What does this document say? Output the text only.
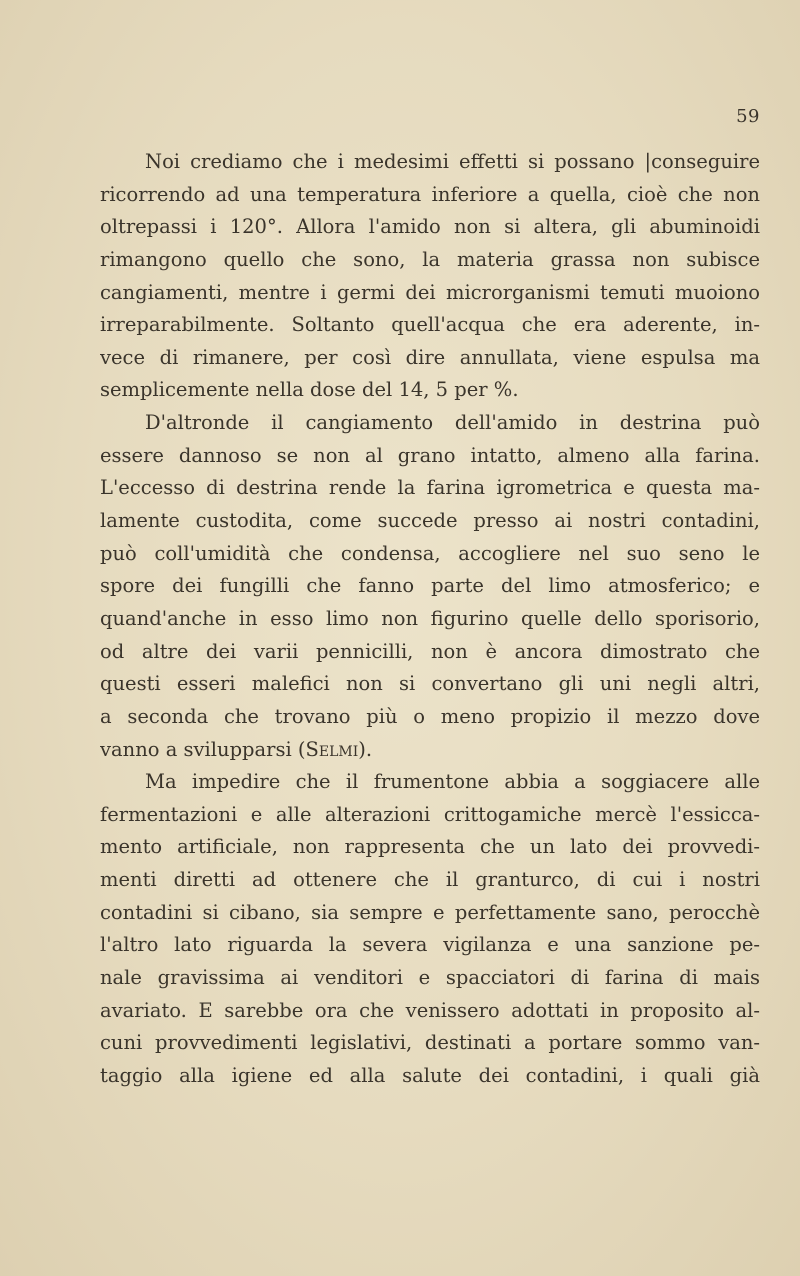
59
Noi crediamo che i medesimi effetti si possano |conseguire
ricorrendo ad una temperatura inferiore a quella, cioè che non
oltrepassi i 120°. Allora l'amido non si altera, gli abuminoidi
rimangono quello che sono, la materia grassa non subisce
cangiamenti, mentre i germi dei microrganismi temuti muoiono
irreparabilmente. Soltanto quell'acqua che era aderente, in-
vece di rimanere, per così dire annullata, viene espulsa ma
semplicemente nella dose del 14, 5 per %.
D'altronde il cangiamento dell'amido in destrina può
essere dannoso se non al grano intatto, almeno alla farina.
L'eccesso di destrina rende la farina igrometrica e questa ma-
lamente custodita, come succede presso ai nostri contadini,
può coll'umidità che condensa, accogliere nel suo seno le
spore dei fungilli che fanno parte del limo atmosferico; e
quand'anche in esso limo non figurino quelle dello sporisorio,
od altre dei varii pennicilli, non è ancora dimostrato che
questi esseri malefici non si convertano gli uni negli altri,
a seconda che trovano più o meno propizio il mezzo dove
vanno a svilupparsi (Selmi).
Ma impedire che il frumentone abbia a soggiacere alle
fermentazioni e alle alterazioni crittogamiche mercè l'essicca-
mento artificiale, non rappresenta che un lato dei provvedi-
menti diretti ad ottenere che il granturco, di cui i nostri
contadini si cibano, sia sempre e perfettamente sano, perocchè
l'altro lato riguarda la severa vigilanza e una sanzione pe-
nale gravissima ai venditori e spacciatori di farina di mais
avariato. E sarebbe ora che venissero adottati in proposito al-
cuni provvedimenti legislativi, destinati a portare sommo van-
taggio alla igiene ed alla salute dei contadini, i quali già
